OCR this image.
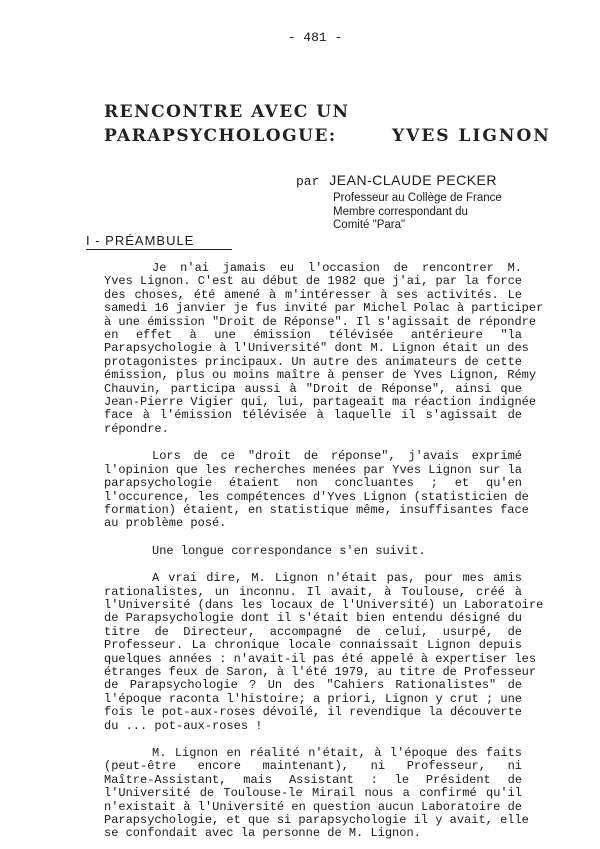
- 481 -
RENCONTRE AVEC UN
PARAPSYCHOLOGUE:	YVES LIGNON
par JEAN-CLAUDE PECKER
Professeur au Collège de France
Membre correspondant du
Comité "Para"
I - PRÉAMBULE

Je n'ai jamais eu l'occasion de rencontrer M.
Yves Lignon. C'est au début de 1982 que j'ai, par la force
des choses, été amené à m'intéresser à ses activités. Le
samedi 16 janvier je fus invité par Michel Polac à participer
à une émission "Droit de Réponse". Il s'agissait de répondre
en effet à une émission télévisée antérieure "la
Parapsychologie à l'Université" dont M. Lignon était un des
protagonistes principaux. Un autre des animateurs de cette
émission, plus ou moins maître à penser de Yves Lignon, Rémy
Chauvin, participa aussi à "Droit de Réponse", ainsi que
Jean-Pierre Vigier qui, lui, partageait ma réaction indignée
face à l'émission télévisée à laquelle il s'agissait de
répondre.

Lors de ce "droit de réponse", j'avais exprimé
l'opinion que les recherches menées par Yves Lignon sur la
parapsychologie étaient non concluantes ; et qu'en
l'occurence, les compétences d'Yves Lignon (statisticien de
formation) étaient, en statistique même, insuffisantes face
au problème posé.

Une longue correspondance s'en suivit.

A vrai dire, M. Lignon n'était pas, pour mes amis
rationalistes, un inconnu. Il avait, à Toulouse, créé à
l'Université (dans les locaux de l'Université) un Laboratoire
de Parapsychologie dont il s'était bien entendu désigné du
titre de Directeur, accompagné de celui, usurpé, de
Professeur. La chronique locale connaissait Lignon depuis
quelques années : n'avait-il pas été appelé à expertiser les
étranges feux de Saron, à l'été 1979, au titre de Professeur
de Parapsychologie ? Un des "Cahiers Rationalistes" de
l'époque raconta l'histoire; a priori, Lignon y crut ; une
fois le pot-aux-roses dévoilé, il revendique la découverte
du ... pot-aux-roses !

M. Lignon en réalité n'était, à l'époque des faits
(peut-être encore maintenant), ni Professeur, ni
Maître-Assistant, mais Assistant : le Président de
l'Université de Toulouse-le Mirail nous a confirmé qu'il
n'existait à l'Université en question aucun Laboratoire de
Parapsychologie, et que si parapsychologie il y avait, elle
se confondait avec la personne de M. Lignon.
